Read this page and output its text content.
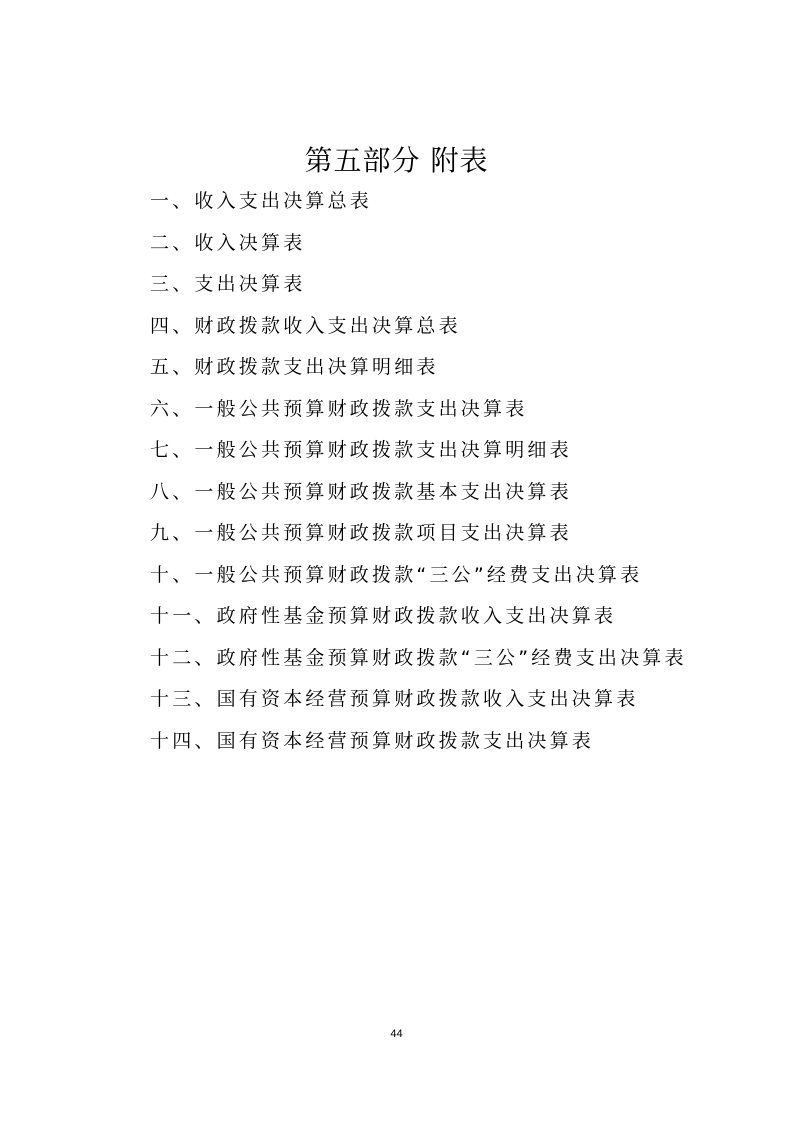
第五部分 附表
一、收入支出决算总表
二、收入决算表
三、支出决算表
四、财政拨款收入支出决算总表
五、财政拨款支出决算明细表
六、一般公共预算财政拨款支出决算表
七、一般公共预算财政拨款支出决算明细表
八、一般公共预算财政拨款基本支出决算表
九、一般公共预算财政拨款项目支出决算表
十、一般公共预算财政拨款“三公”经费支出决算表
十一、政府性基金预算财政拨款收入支出决算表
十二、政府性基金预算财政拨款“三公”经费支出决算表
十三、国有资本经营预算财政拨款收入支出决算表
十四、国有资本经营预算财政拨款支出决算表
44
